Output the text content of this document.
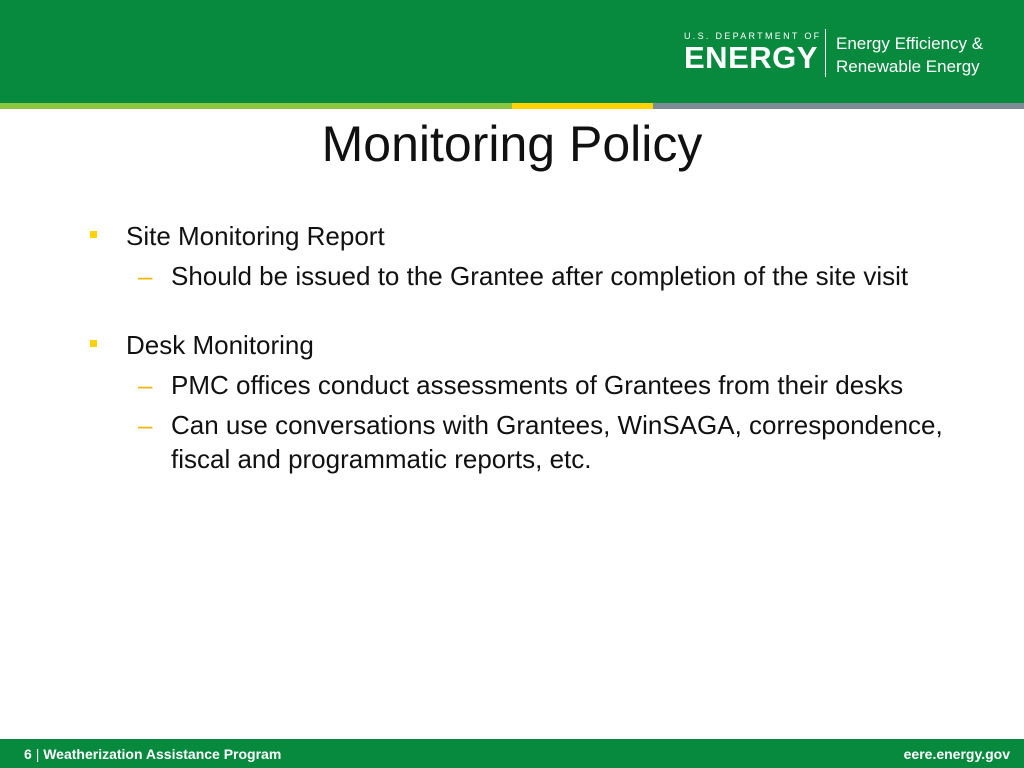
U.S. DEPARTMENT OF
ENERGY Energy Efficiency &
Renewable Energy
Monitoring Policy
Site Monitoring Report
– Should be issued to the Grantee after completion of the site visit
Desk Monitoring
– PMC offices conduct assessments of Grantees from their desks
– Can use conversations with Grantees, WinSAGA, correspondence, fiscal and programmatic reports, etc.
6 | Weatherization Assistance Program	eere.energy.gov
